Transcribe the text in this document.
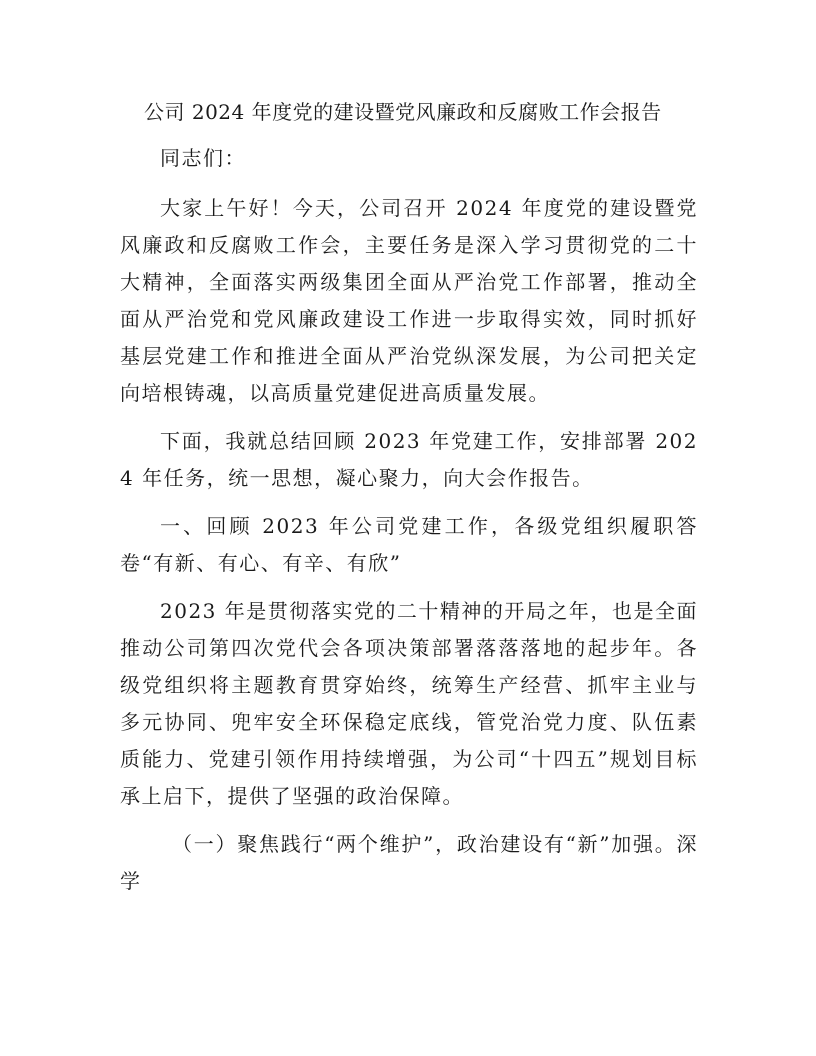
公司 2024 年度党的建设暨党风廉政和反腐败工作会报告

同志们：

大家上午好！今天，公司召开 2024 年度党的建设暨党风廉政和反腐败工作会，主要任务是深入学习贯彻党的二十大精神，全面落实两级集团全面从严治党工作部署，推动全面从严治党和党风廉政建设工作进一步取得实效，同时抓好基层党建工作和推进全面从严治党纵深发展，为公司把关定向培根铸魂，以高质量党建促进高质量发展。

下面，我就总结回顾 2023 年党建工作，安排部署 2024 年任务，统一思想，凝心聚力，向大会作报告。

一、回顾 2023 年公司党建工作，各级党组织履职答卷“有新、有心、有辛、有欣”

2023 年是贯彻落实党的二十精神的开局之年，也是全面推动公司第四次党代会各项决策部署落落落地的起步年。各级党组织将主题教育贯穿始终，统筹生产经营、抓牢主业与多元协同、兜牢安全环保稳定底线，管党治党力度、队伍素质能力、党建引领作用持续增强，为公司“十四五”规划目标承上启下，提供了坚强的政治保障。

（一）聚焦践行“两个维护”，政治建设有“新”加强。深学
